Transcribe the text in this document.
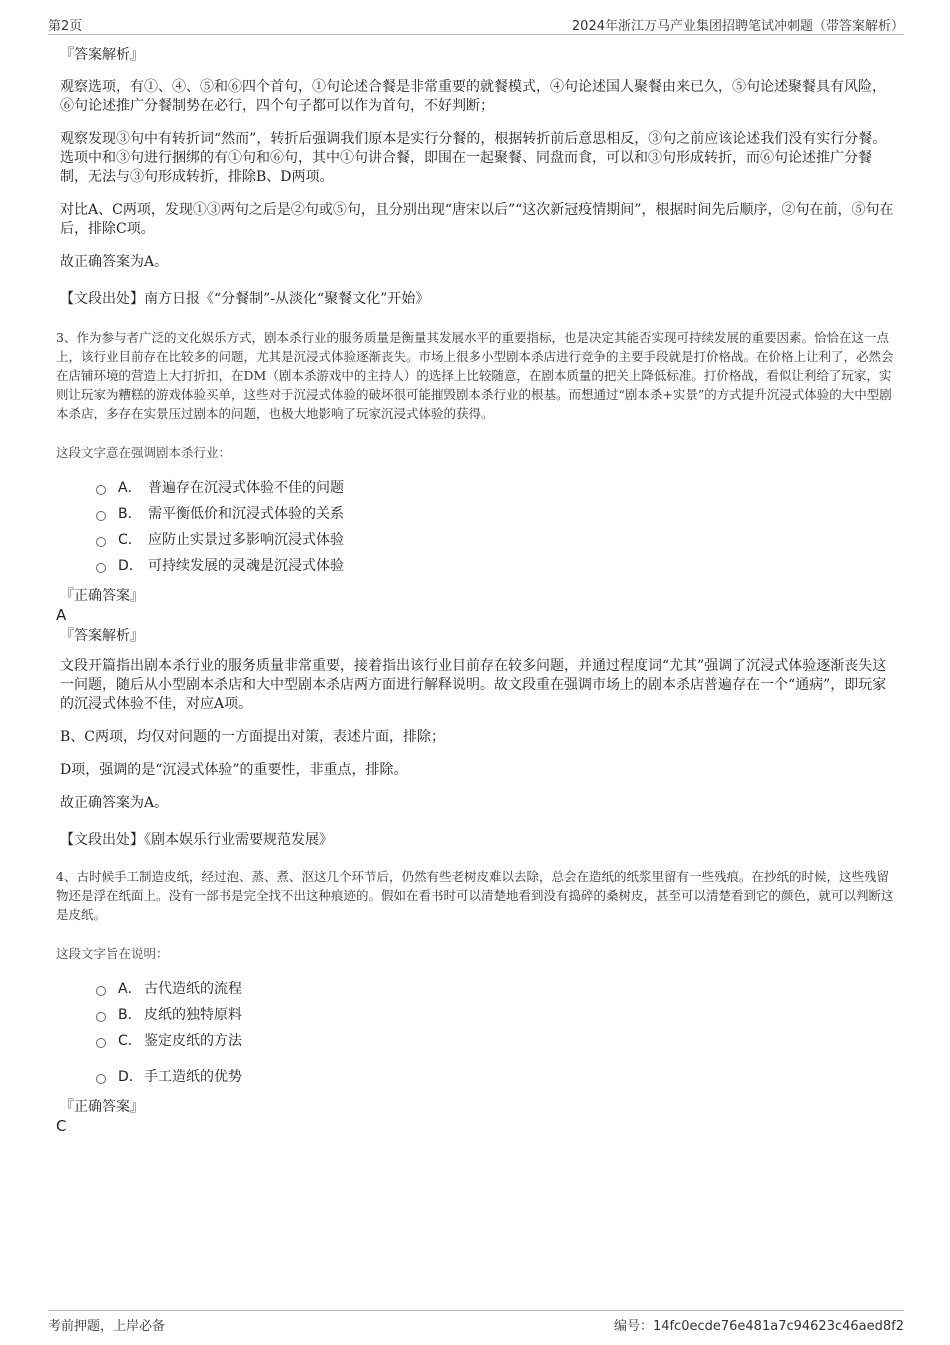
第2页	2024年浙江万马产业集团招聘笔试冲刺题（带答案解析）
『答案解析』
观察选项，有①、④、⑤和⑥四个首句，①句论述合餐是非常重要的就餐模式，④句论述国人聚餐由来已久，⑤句论述聚餐具有风险，⑥句论述推广分餐制势在必行，四个句子都可以作为首句，不好判断；
观察发现③句中有转折词“然而”，转折后强调我们原本是实行分餐的，根据转折前后意思相反，③句之前应该论述我们没有实行分餐。选项中和③句进行捆绑的有①句和⑥句，其中①句讲合餐，即围在一起聚餐、同盘而食，可以和③句形成转折，而⑥句论述推广分餐制，无法与③句形成转折，排除B、D两项。
对比A、C两项，发现①③两句之后是②句或⑤句，且分别出现“唐宋以后”“这次新冠疫情期间”，根据时间先后顺序，②句在前，⑤句在后，排除C项。
故正确答案为A。
【文段出处】南方日报《“分餐制”-从淡化“聚餐文化”开始》
3、作为参与者广泛的文化娱乐方式，剧本杀行业的服务质量是衡量其发展水平的重要指标，也是决定其能否实现可持续发展的重要因素。恰恰在这一点上，该行业目前存在比较多的问题，尤其是沉浸式体验逐渐丧失。市场上很多小型剧本杀店进行竞争的主要手段就是打价格战。在价格上让利了，必然会在店铺环境的营造上大打折扣，在DM（剧本杀游戏中的主持人）的选择上比较随意，在剧本质量的把关上降低标准。打价格战，看似让利给了玩家，实则让玩家为糟糕的游戏体验买单，这些对于沉浸式体验的破坏很可能摧毁剧本杀行业的根基。而想通过“剧本杀+实景”的方式提升沉浸式体验的大中型剧本杀店，多存在实景压过剧本的问题，也极大地影响了玩家沉浸式体验的获得。
这段文字意在强调剧本杀行业：
A． 普遍存在沉浸式体验不佳的问题
B． 需平衡低价和沉浸式体验的关系
C． 应防止实景过多影响沉浸式体验
D． 可持续发展的灵魂是沉浸式体验
『正确答案』
A
『答案解析』
文段开篇指出剧本杀行业的服务质量非常重要，接着指出该行业目前存在较多问题，并通过程度词“尤其”强调了沉浸式体验逐渐丧失这一问题，随后从小型剧本杀店和大中型剧本杀店两方面进行解释说明。故文段重在强调市场上的剧本杀店普遍存在一个“通病”，即玩家的沉浸式体验不佳，对应A项。
B、C两项，均仅对问题的一方面提出对策，表述片面，排除；
D项，强调的是“沉浸式体验”的重要性，非重点，排除。
故正确答案为A。
【文段出处】《剧本娱乐行业需要规范发展》
4、古时候手工制造皮纸，经过泡、蒸、煮、沤这几个环节后，仍然有些老树皮难以去除，总会在造纸的纸浆里留有一些残痕。在抄纸的时候，这些残留物还是浮在纸面上。没有一部书是完全找不出这种痕迹的。假如在看书时可以清楚地看到没有捣碎的桑树皮，甚至可以清楚看到它的颜色，就可以判断这是皮纸。
这段文字旨在说明：
A． 古代造纸的流程
B． 皮纸的独特原料
C． 鉴定皮纸的方法
D． 手工造纸的优势
『正确答案』
C
考前押题，上岸必备	编号：14fc0ecde76e481a7c94623c46aed8f2
